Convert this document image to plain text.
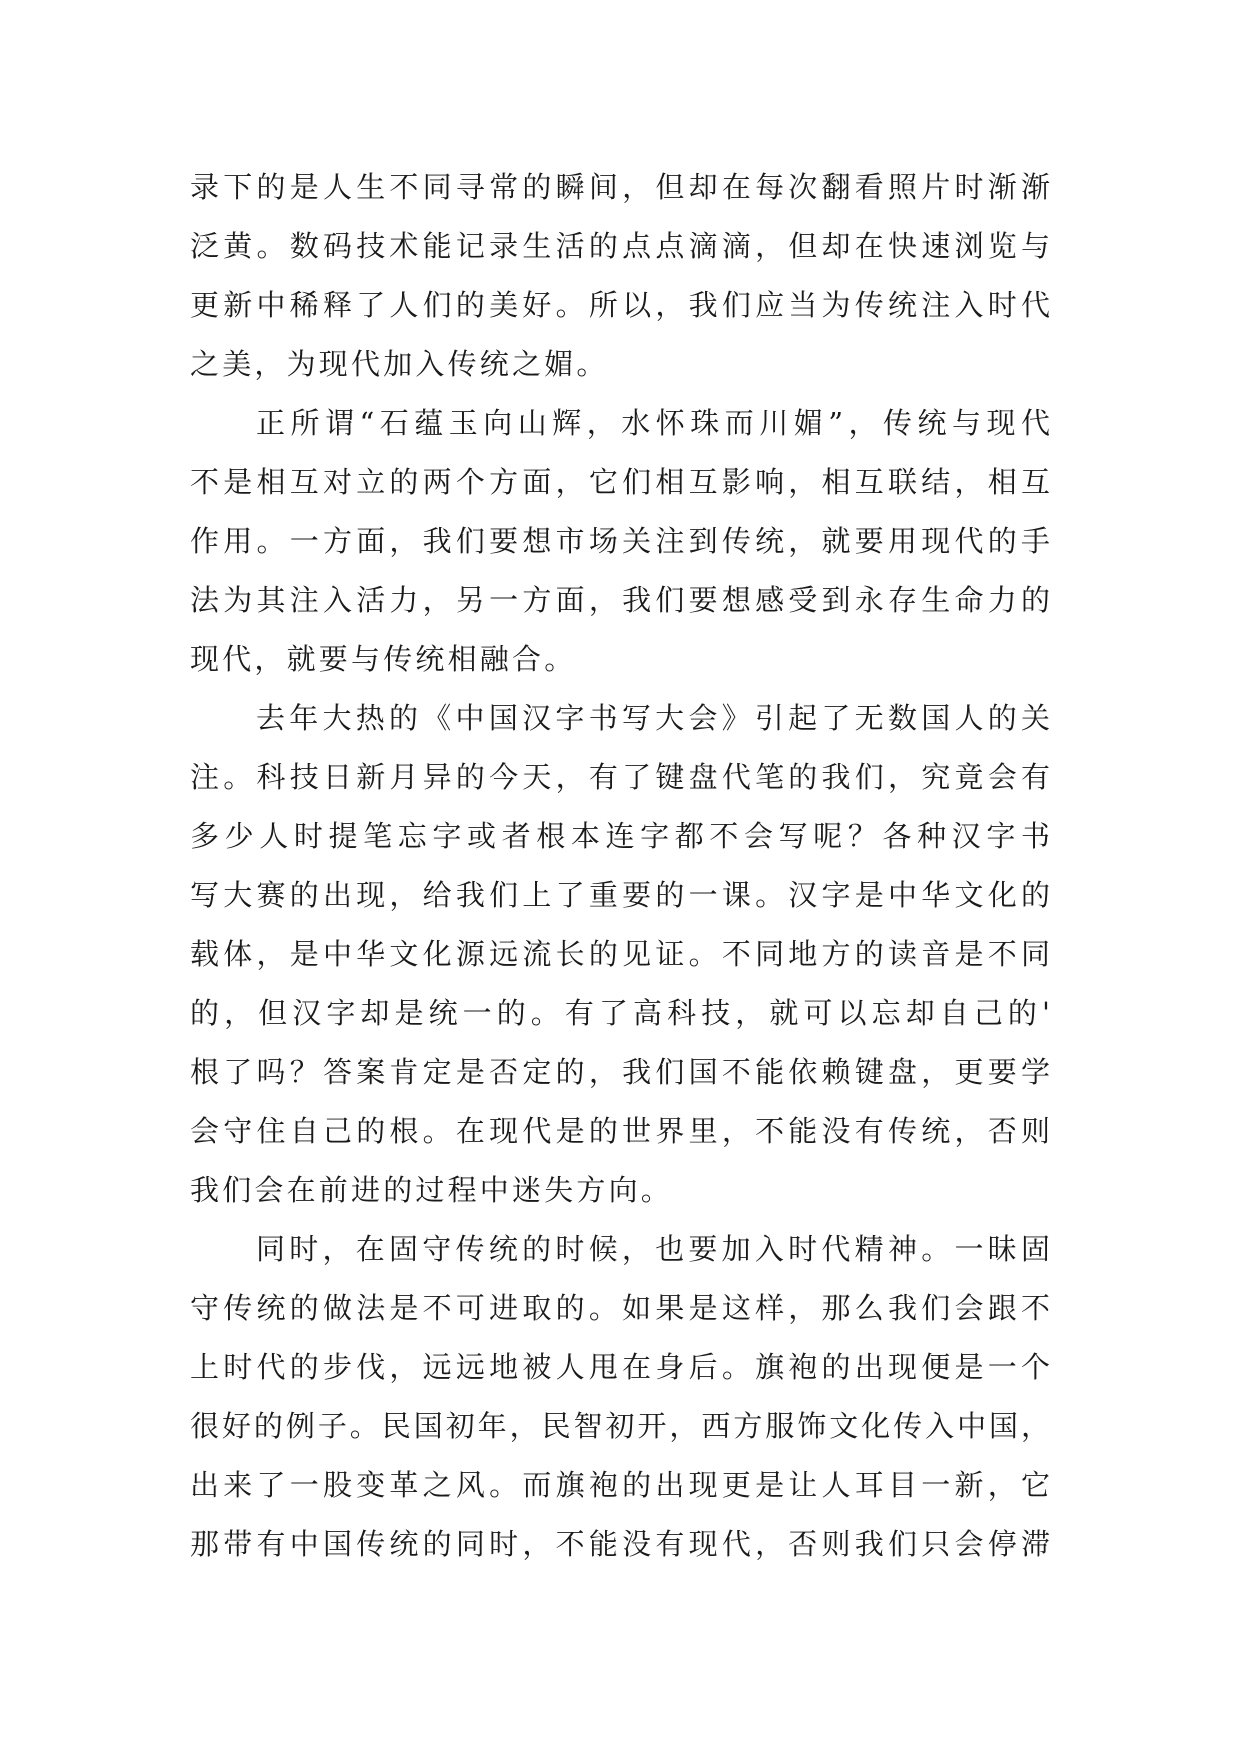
录下的是人生不同寻常的瞬间，但却在每次翻看照片时渐渐
泛黄。数码技术能记录生活的点点滴滴，但却在快速浏览与
更新中稀释了人们的美好。所以，我们应当为传统注入时代
之美，为现代加入传统之媚。
正所谓“石蕴玉向山辉，水怀珠而川媚”，传统与现代
不是相互对立的两个方面，它们相互影响，相互联结，相互
作用。一方面，我们要想市场关注到传统，就要用现代的手
法为其注入活力，另一方面，我们要想感受到永存生命力的
现代，就要与传统相融合。
去年大热的《中国汉字书写大会》引起了无数国人的关
注。科技日新月异的今天，有了键盘代笔的我们，究竟会有
多少人时提笔忘字或者根本连字都不会写呢？各种汉字书
写大赛的出现，给我们上了重要的一课。汉字是中华文化的
载体，是中华文化源远流长的见证。不同地方的读音是不同
的，但汉字却是统一的。有了高科技，就可以忘却自己的'
根了吗？答案肯定是否定的，我们国不能依赖键盘，更要学
会守住自己的根。在现代是的世界里，不能没有传统，否则
我们会在前进的过程中迷失方向。
同时，在固守传统的时候，也要加入时代精神。一昧固
守传统的做法是不可进取的。如果是这样，那么我们会跟不
上时代的步伐，远远地被人甩在身后。旗袍的出现便是一个
很好的例子。民国初年，民智初开，西方服饰文化传入中国，
出来了一股变革之风。而旗袍的出现更是让人耳目一新，它
那带有中国传统的同时，不能没有现代，否则我们只会停滞
